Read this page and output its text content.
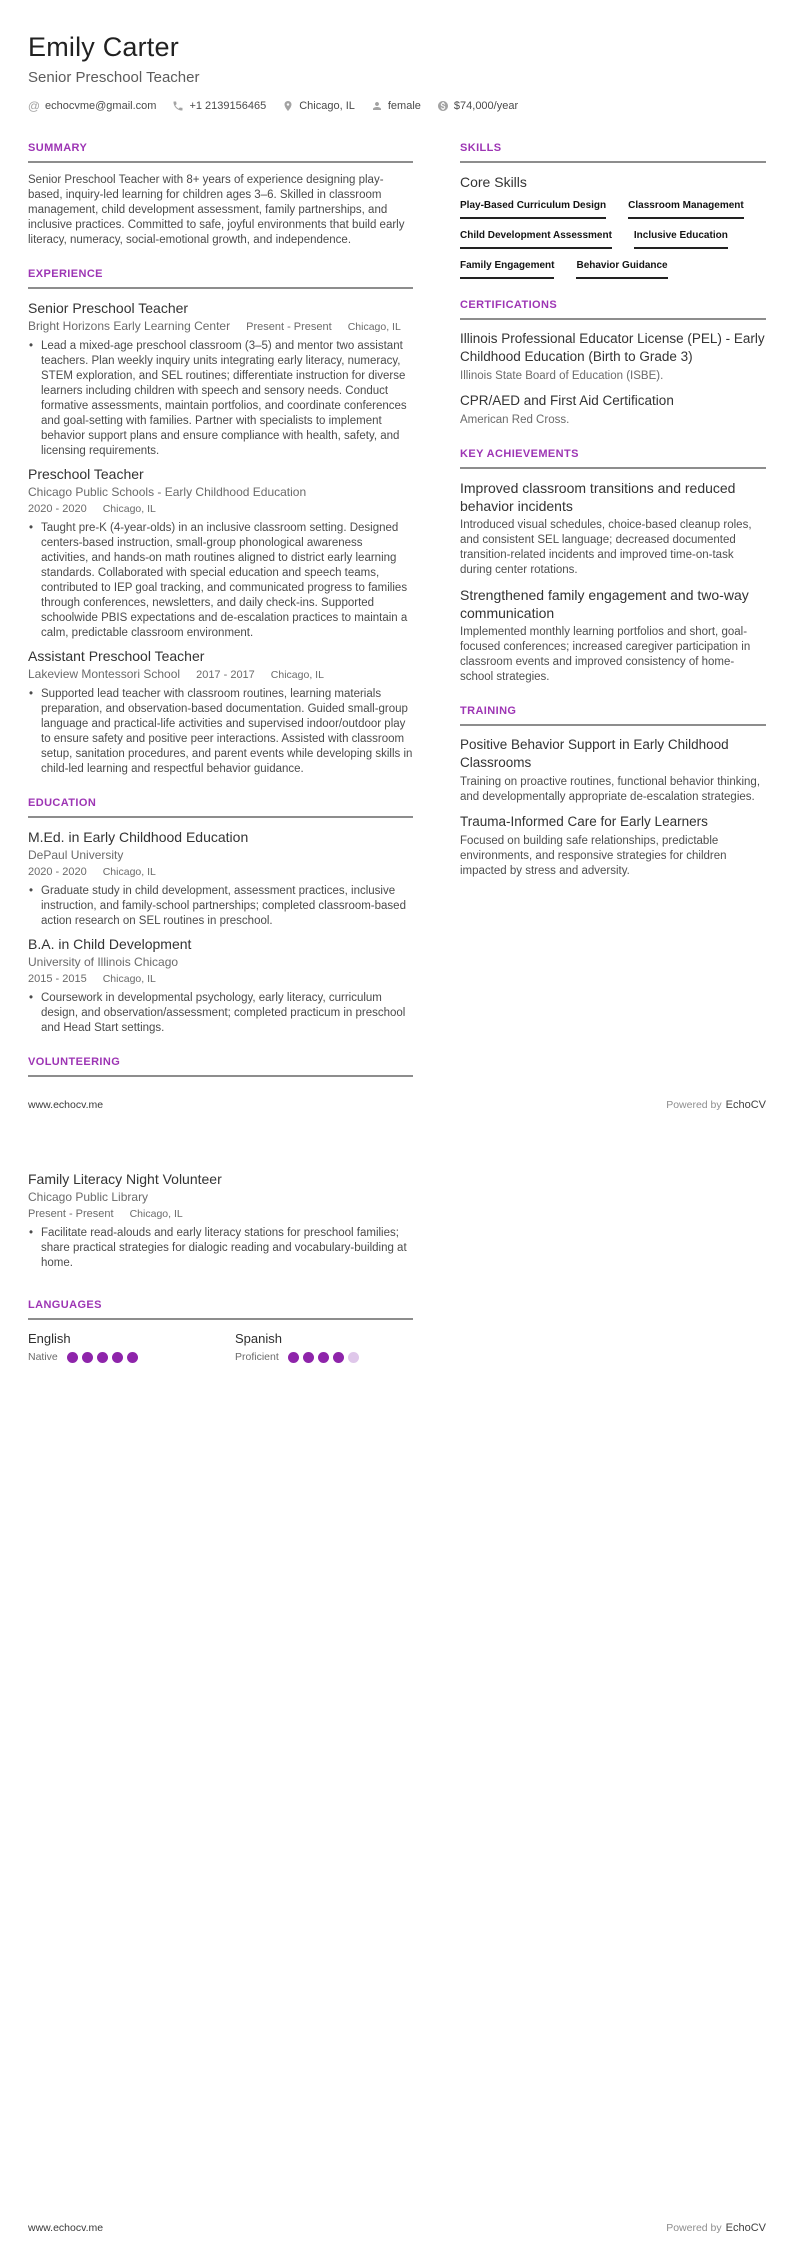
Emily Carter
Senior Preschool Teacher
@ echocvme@gmail.com	+1 2139156465	Chicago, IL	female	$74,000/year
SUMMARY
Senior Preschool Teacher with 8+ years of experience designing play-based, inquiry-led learning for children ages 3–6. Skilled in classroom management, child development assessment, family partnerships, and inclusive practices. Committed to safe, joyful environments that build early literacy, numeracy, social-emotional growth, and independence.
EXPERIENCE
Senior Preschool Teacher
Bright Horizons Early Learning Center Present - Present Chicago, IL
• Lead a mixed-age preschool classroom (3–5) and mentor two assistant teachers. Plan weekly inquiry units integrating early literacy, numeracy, STEM exploration, and SEL routines; differentiate instruction for diverse learners including children with speech and sensory needs. Conduct formative assessments, maintain portfolios, and coordinate conferences and goal-setting with families. Partner with specialists to implement behavior support plans and ensure compliance with health, safety, and licensing requirements.
Preschool Teacher
Chicago Public Schools - Early Childhood Education
2020 - 2020 Chicago, IL
• Taught pre-K (4-year-olds) in an inclusive classroom setting. Designed centers-based instruction, small-group phonological awareness activities, and hands-on math routines aligned to district early learning standards. Collaborated with special education and speech teams, contributed to IEP goal tracking, and communicated progress to families through conferences, newsletters, and daily check-ins. Supported schoolwide PBIS expectations and de-escalation practices to maintain a calm, predictable classroom environment.
Assistant Preschool Teacher
Lakeview Montessori School 2017 - 2017 Chicago, IL
• Supported lead teacher with classroom routines, learning materials preparation, and observation-based documentation. Guided small-group language and practical-life activities and supervised indoor/outdoor play to ensure safety and positive peer interactions. Assisted with classroom setup, sanitation procedures, and parent events while developing skills in child-led learning and respectful behavior guidance.
EDUCATION
M.Ed. in Early Childhood Education
DePaul University
2020 - 2020 Chicago, IL
• Graduate study in child development, assessment practices, inclusive instruction, and family-school partnerships; completed classroom-based action research on SEL routines in preschool.
B.A. in Child Development
University of Illinois Chicago
2015 - 2015 Chicago, IL
• Coursework in developmental psychology, early literacy, curriculum design, and observation/assessment; completed practicum in preschool and Head Start settings.
VOLUNTEERING
SKILLS
Core Skills
Play-Based Curriculum Design Classroom Management
Child Development Assessment Inclusive Education
Family Engagement Behavior Guidance
CERTIFICATIONS
Illinois Professional Educator License (PEL) - Early Childhood Education (Birth to Grade 3)
Illinois State Board of Education (ISBE).
CPR/AED and First Aid Certification
American Red Cross.
KEY ACHIEVEMENTS
Improved classroom transitions and reduced behavior incidents
Introduced visual schedules, choice-based cleanup roles, and consistent SEL language; decreased documented transition-related incidents and improved time-on-task during center rotations.
Strengthened family engagement and two-way communication
Implemented monthly learning portfolios and short, goal-focused conferences; increased caregiver participation in classroom events and improved consistency of home-school strategies.
TRAINING
Positive Behavior Support in Early Childhood Classrooms
Training on proactive routines, functional behavior thinking, and developmentally appropriate de-escalation strategies.
Trauma-Informed Care for Early Learners
Focused on building safe relationships, predictable environments, and responsive strategies for children impacted by stress and adversity.
www.echocv.me	Powered by EchoCV
Family Literacy Night Volunteer
Chicago Public Library
Present - Present Chicago, IL
• Facilitate read-alouds and early literacy stations for preschool families; share practical strategies for dialogic reading and vocabulary-building at home.
LANGUAGES
English
Native
Spanish
Proficient
www.echocv.me	Powered by EchoCV
